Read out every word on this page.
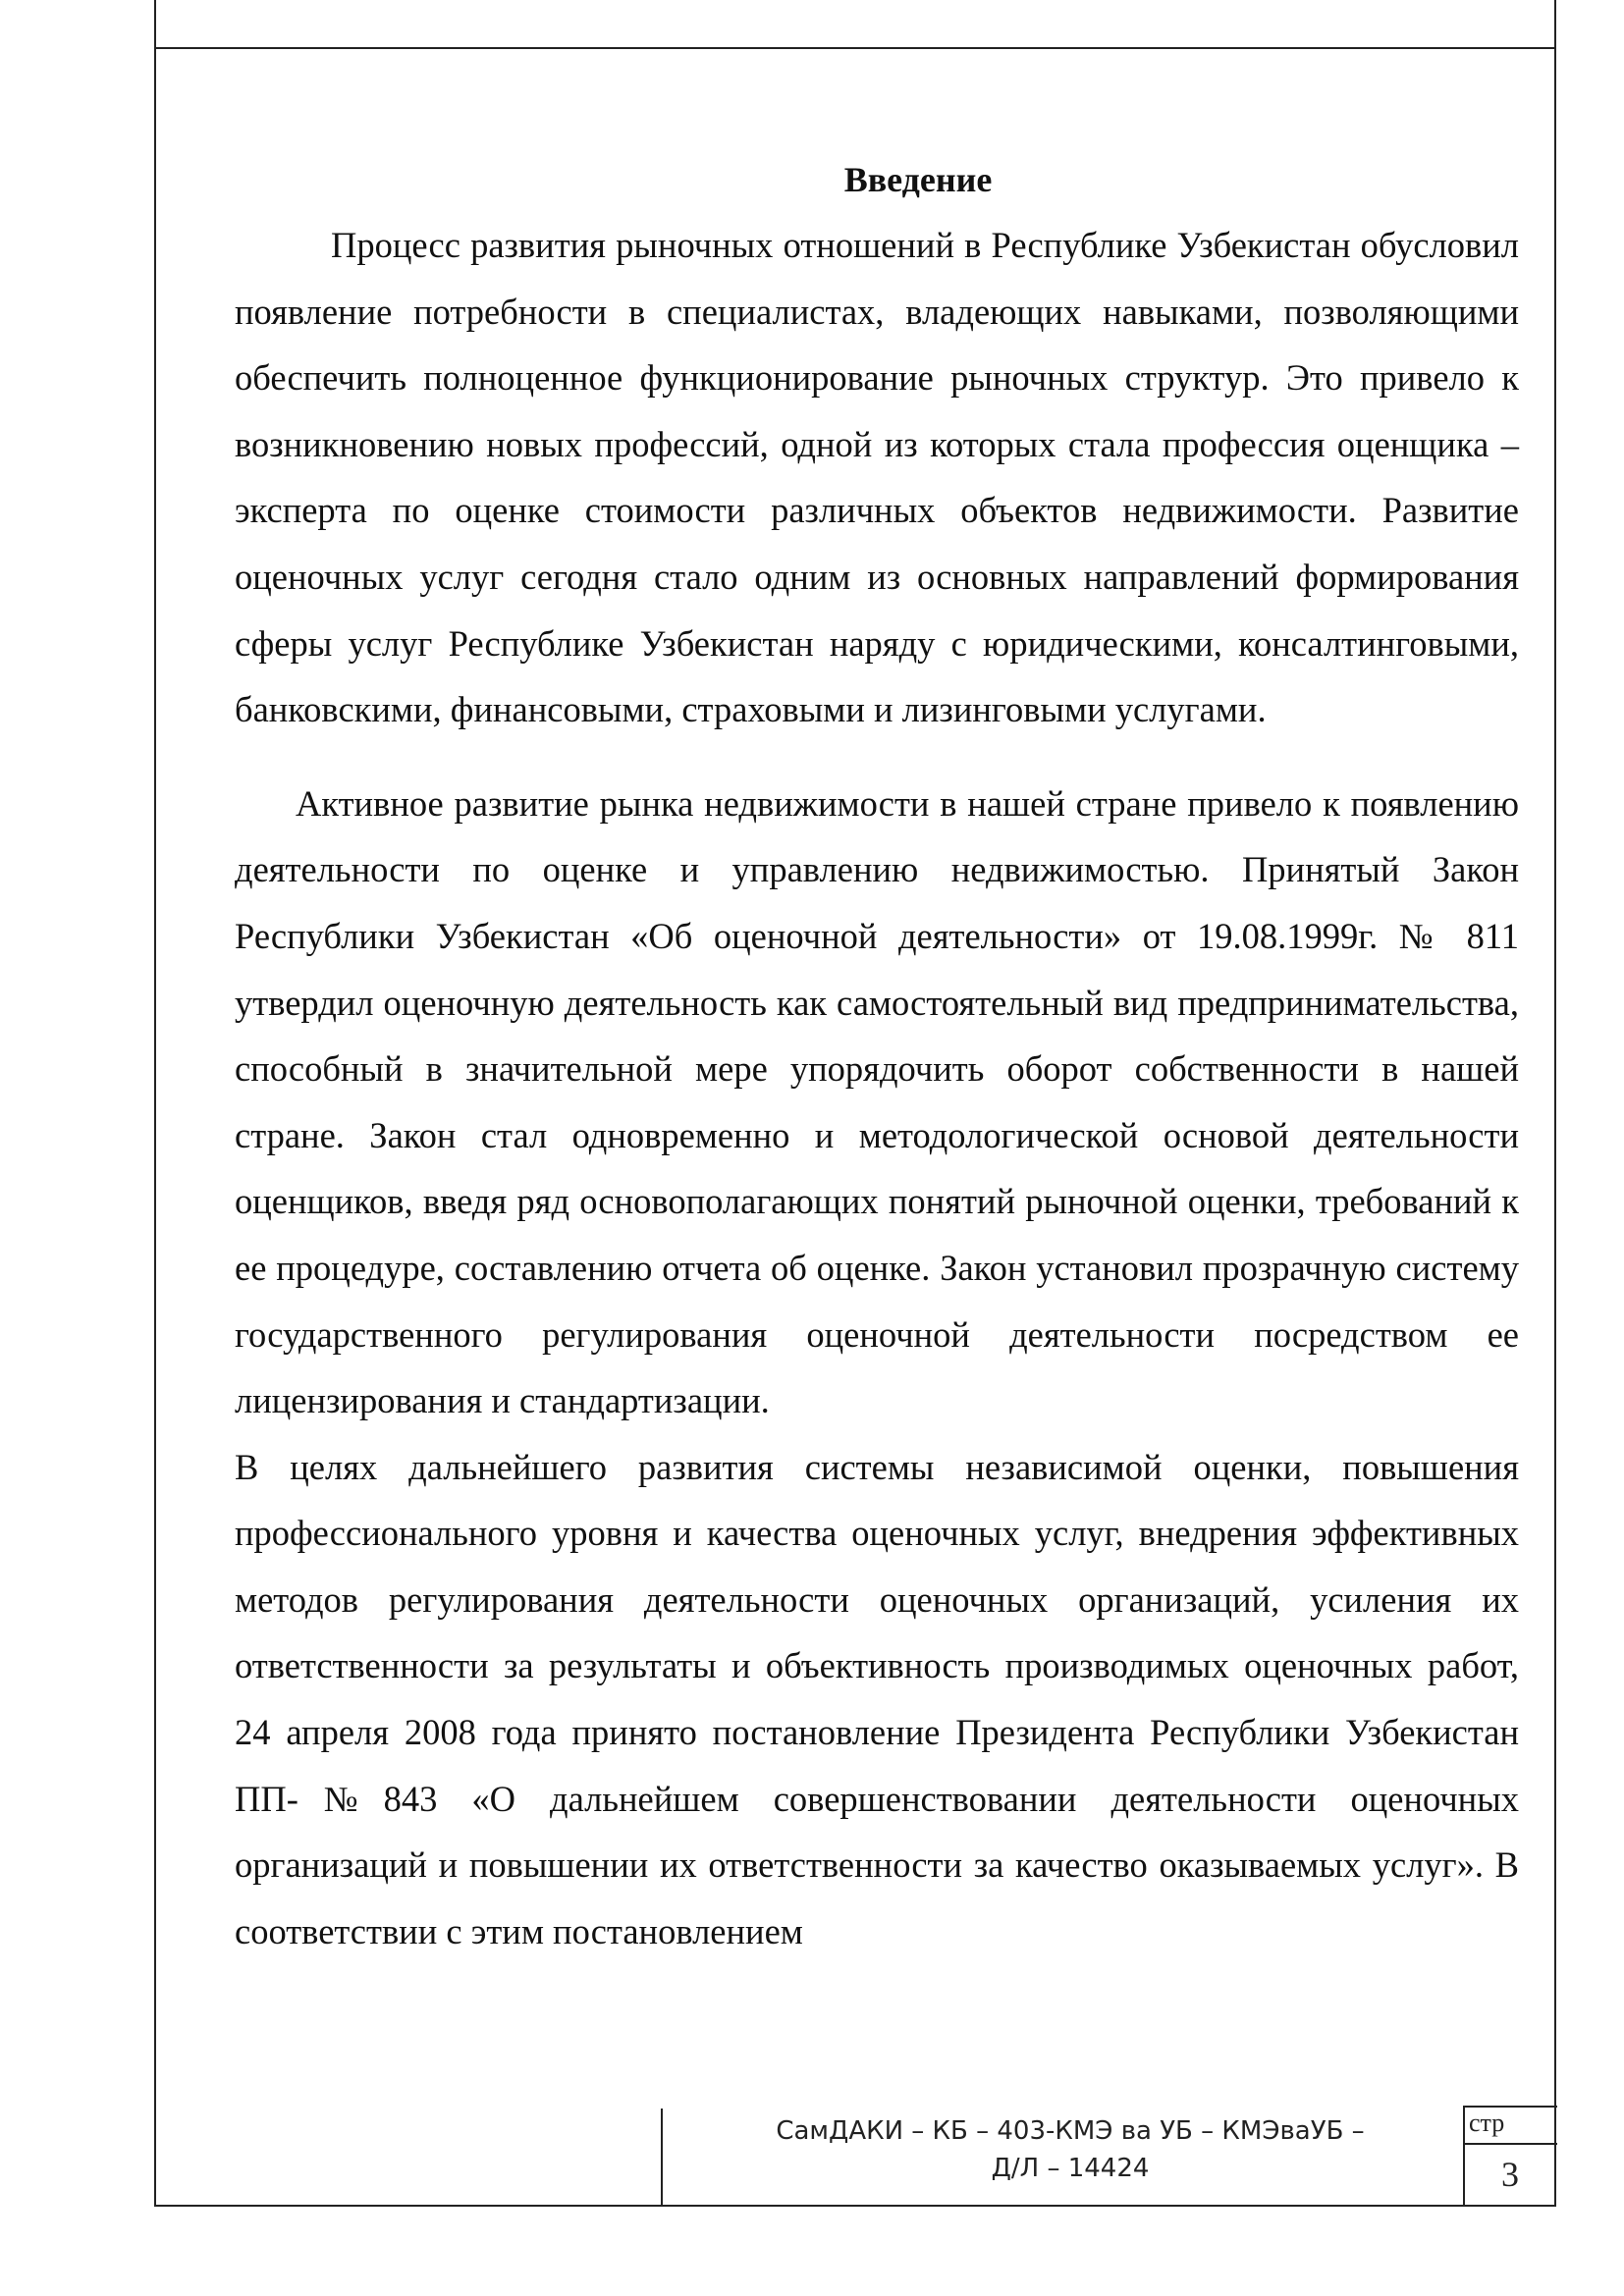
Введение

Процесс развития рыночных отношений в Республике Узбекистан обусловил появление потребности в специалистах, владеющих навыками, позволяющими обеспечить полноценное функционирование рыночных структур. Это привело к возникновению новых профессий, одной из которых стала профессия оценщика – эксперта по оценке стоимости различных объектов недвижимости. Развитие оценочных услуг сегодня стало одним из основных направлений формирования сферы услуг Республике Узбекистан наряду с юридическими, консалтинговыми, банковскими, финансовыми, страховыми и лизинговыми услугами.

Активное развитие рынка недвижимости в нашей стране привело к появлению деятельности по оценке и управлению недвижимостью. Принятый Закон Республики Узбекистан «Об оценочной деятельности» от 19.08.1999г. № 811 утвердил оценочную деятельность как самостоятельный вид предпринимательства, способный в значительной мере упорядочить оборот собственности в нашей стране. Закон стал одновременно и методологической основой деятельности оценщиков, введя ряд основополагающих понятий рыночной оценки, требований к ее процедуре, составлению отчета об оценке. Закон установил прозрачную систему государственного регулирования оценочной деятельности посредством ее лицензирования и стандартизации.

В целях дальнейшего развития системы независимой оценки, повышения профессионального уровня и качества оценочных услуг, внедрения эффективных методов регулирования деятельности оценочных организаций, усиления их ответственности за результаты и объективность производимых оценочных работ, 24 апреля 2008 года принято постановление Президента Республики Узбекистан ПП-№843 «О дальнейшем совершенствовании деятельности оценочных организаций и повышении их ответственности за качество оказываемых услуг». В соответствии с этим постановлением

СамДАКИ – КБ – 403-КМЭ ва УБ – КМЭваУБ –
Д/Л – 14424
стр
3
